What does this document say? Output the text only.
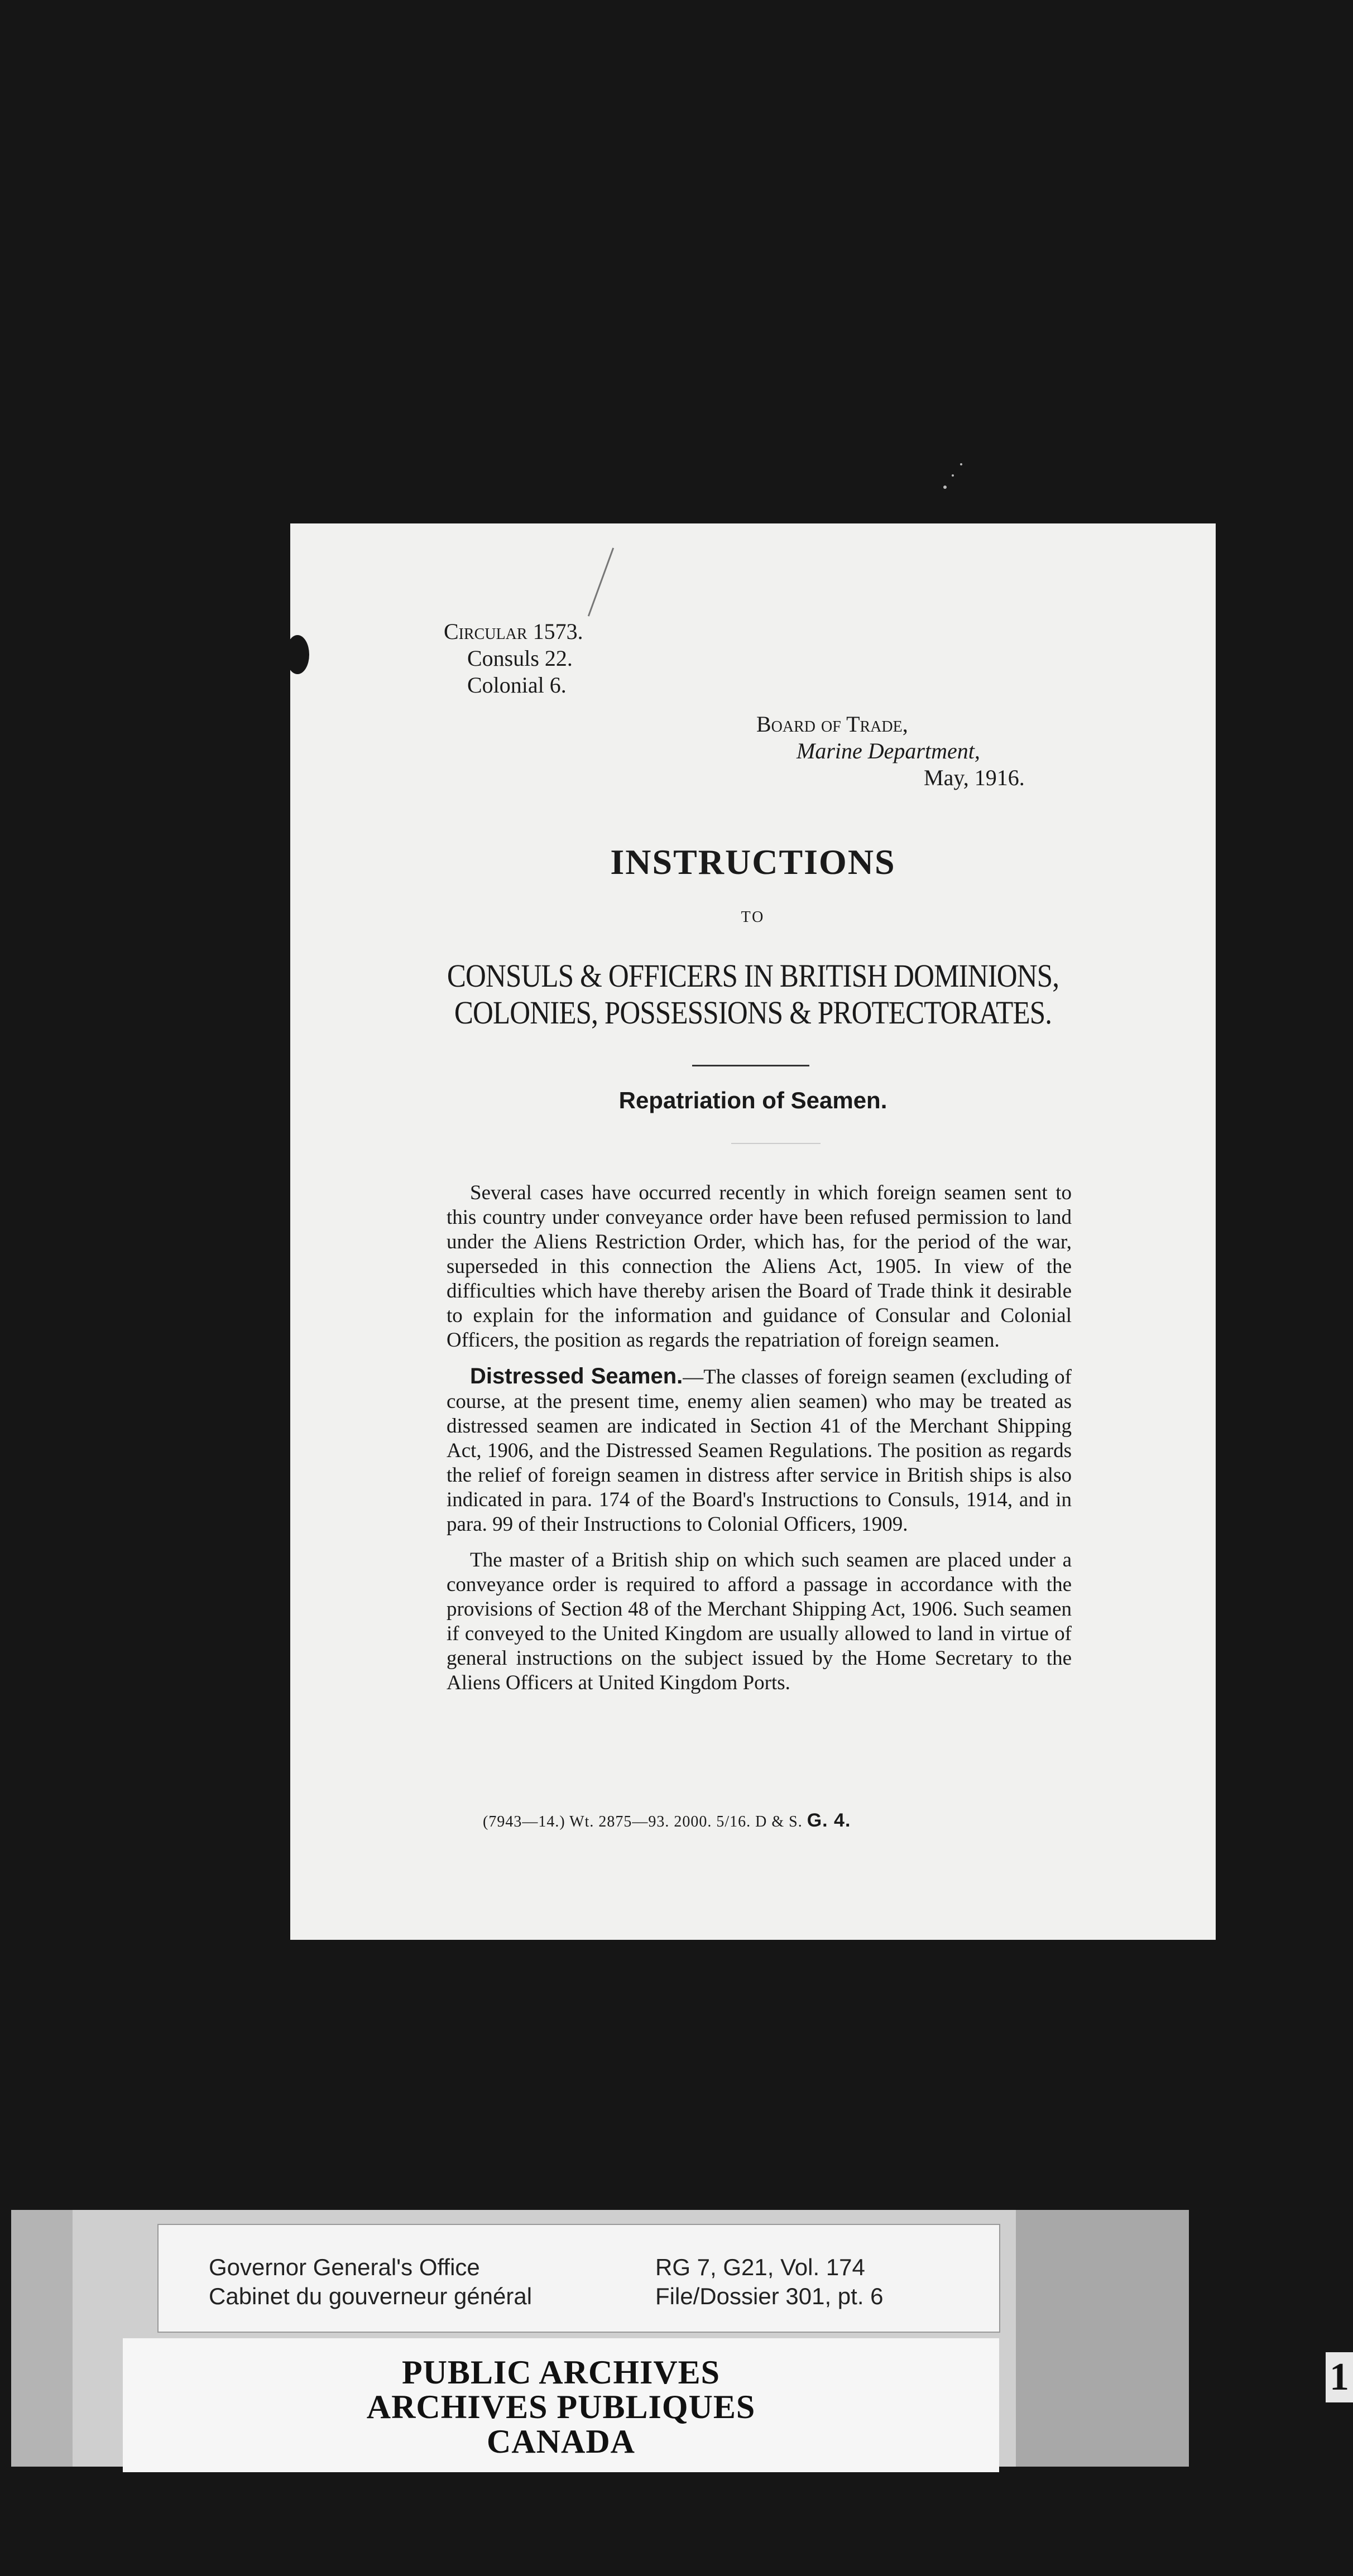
Circular 1573.
Consuls 22.
Colonial 6.
Board of Trade,
Marine Department,
May, 1916.
INSTRUCTIONS
TO
CONSULS & OFFICERS IN BRITISH DOMINIONS,
COLONIES, POSSESSIONS & PROTECTORATES.
Repatriation of Seamen.

Several cases have occurred recently in which foreign seamen sent to this country under conveyance order have been refused permission to land under the Aliens Restriction Order, which has, for the period of the war, superseded in this connection the Aliens Act, 1905. In view of the difficulties which have thereby arisen the Board of Trade think it desirable to explain for the information and guidance of Consular and Colonial Officers, the position as regards the repatriation of foreign seamen.

Distressed Seamen.—The classes of foreign seamen (excluding of course, at the present time, enemy alien seamen) who may be treated as distressed seamen are indicated in Section 41 of the Merchant Shipping Act, 1906, and the Distressed Seamen Regulations. The position as regards the relief of foreign seamen in distress after service in British ships is also indicated in para. 174 of the Board's Instructions to Consuls, 1914, and in para. 99 of their Instructions to Colonial Officers, 1909.

The master of a British ship on which such seamen are placed under a conveyance order is required to afford a passage in accordance with the provisions of Section 48 of the Merchant Shipping Act, 1906. Such seamen if conveyed to the United Kingdom are usually allowed to land in virtue of general instructions on the subject issued by the Home Secretary to the Aliens Officers at United Kingdom Ports.

(7943—14.) Wt. 2875—93. 2000. 5/16. D & S. G. 4.
Governor General's Office
Cabinet du gouverneur général
RG 7, G21, Vol. 174
File/Dossier 301, pt. 6
PUBLIC ARCHIVES
ARCHIVES PUBLIQUES
CANADA
1
